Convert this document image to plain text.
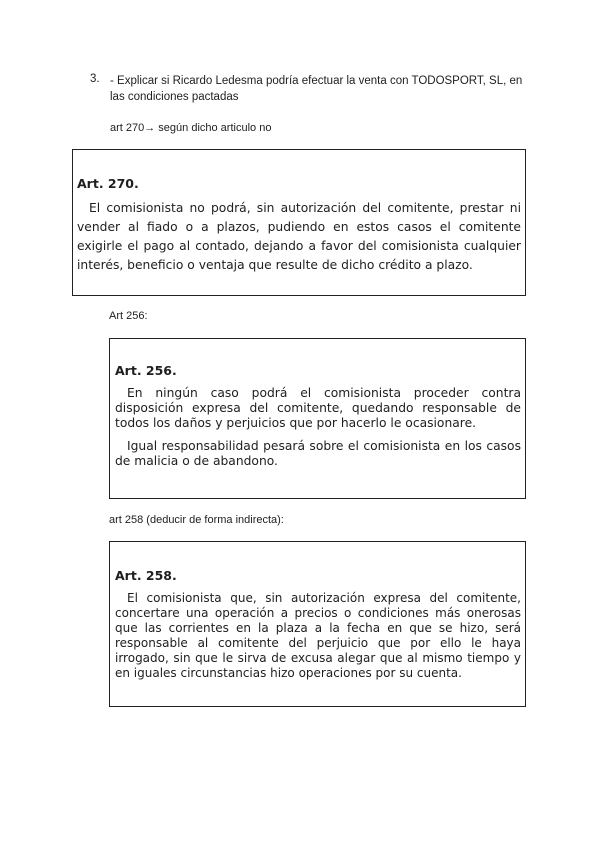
3. - Explicar si Ricardo Ledesma podría efectuar la venta con TODOSPORT, SL, en las condiciones pactadas
art 270→ según dicho articulo no
Art. 270.

El comisionista no podrá, sin autorización del comitente, prestar ni vender al fiado o a plazos, pudiendo en estos casos el comitente exigirle el pago al contado, dejando a favor del comisionista cualquier interés, beneficio o ventaja que resulte de dicho crédito a plazo.

Art 256:
Art. 256.

En ningún caso podrá el comisionista proceder contra disposición expresa del comitente, quedando responsable de todos los daños y perjuicios que por hacerlo le ocasionare.

Igual responsabilidad pesará sobre el comisionista en los casos de malicia o de abandono.

art 258 (deducir de forma indirecta):
Art. 258.

El comisionista que, sin autorización expresa del comitente, concertare una operación a precios o condiciones más onerosas que las corrientes en la plaza a la fecha en que se hizo, será responsable al comitente del perjuicio que por ello le haya irrogado, sin que le sirva de excusa alegar que al mismo tiempo y en iguales circunstancias hizo operaciones por su cuenta.
